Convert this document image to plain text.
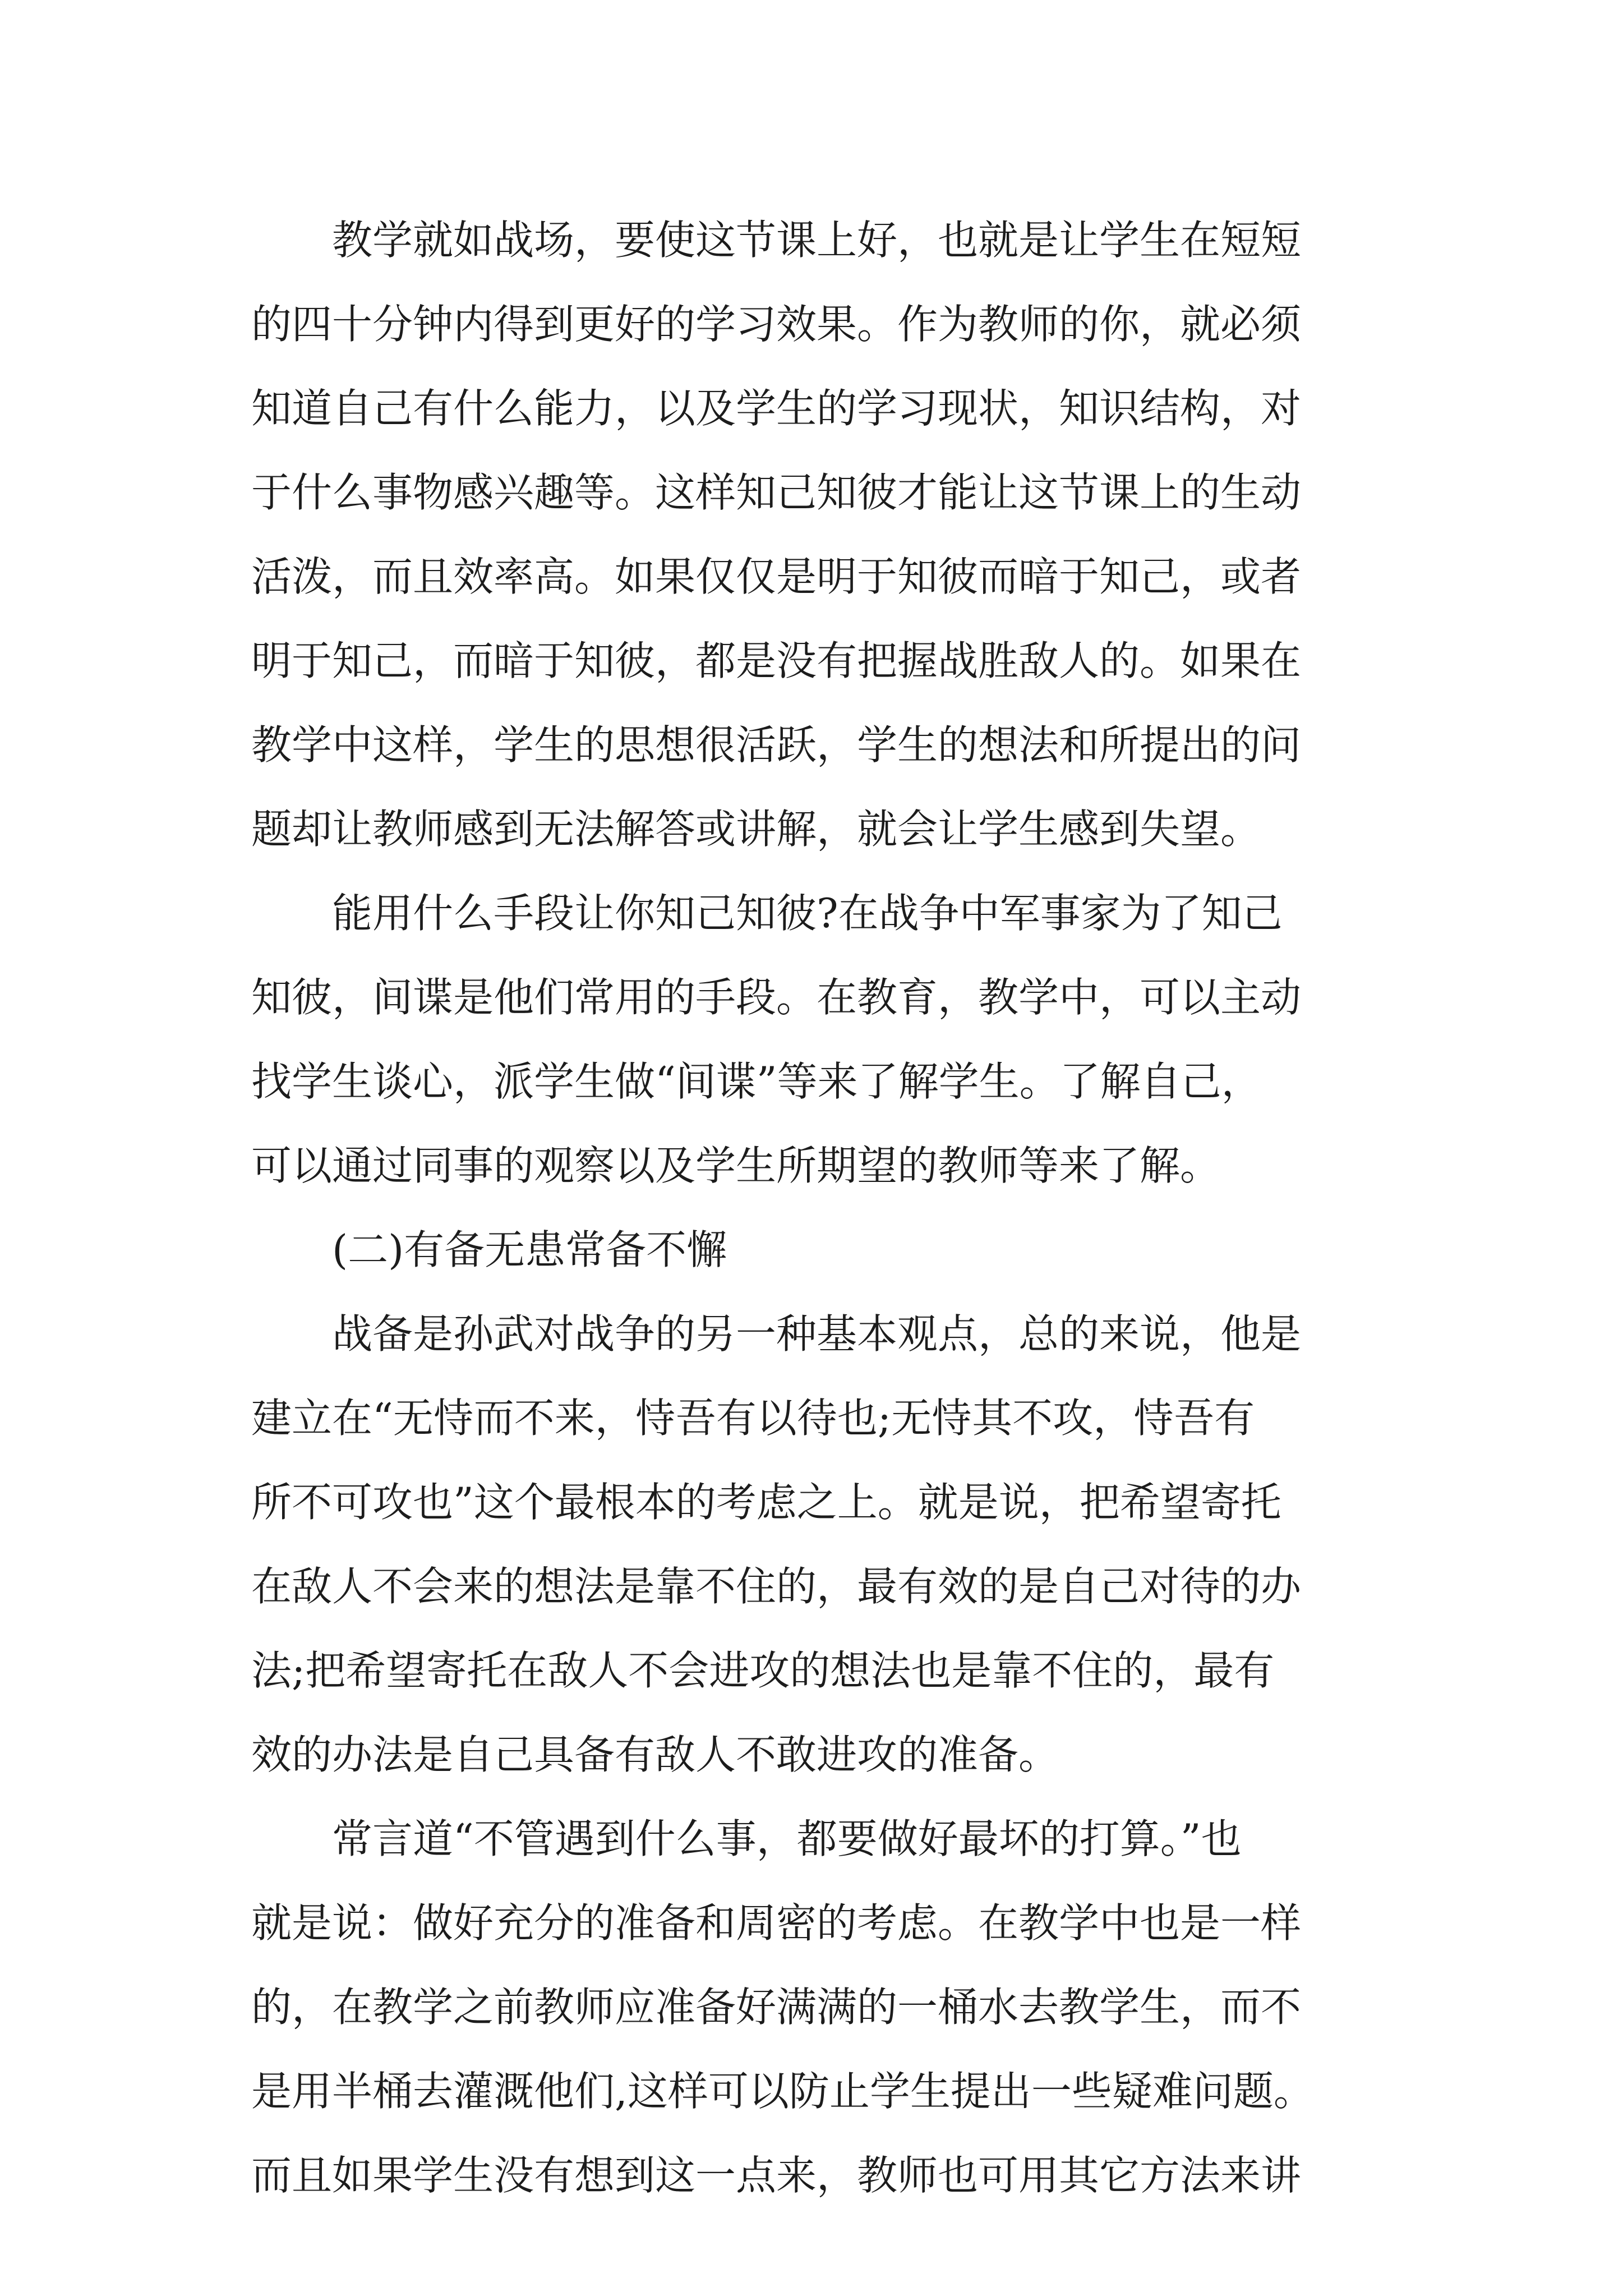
教学就如战场，要使这节课上好，也就是让学生在短短
的四十分钟内得到更好的学习效果。作为教师的你，就必须
知道自己有什么能力，以及学生的学习现状，知识结构，对
于什么事物感兴趣等。这样知己知彼才能让这节课上的生动
活泼，而且效率高。如果仅仅是明于知彼而暗于知己，或者
明于知己，而暗于知彼，都是没有把握战胜敌人的。如果在
教学中这样，学生的思想很活跃，学生的想法和所提出的问
题却让教师感到无法解答或讲解，就会让学生感到失望。
能用什么手段让你知己知彼?在战争中军事家为了知己
知彼，间谍是他们常用的手段。在教育，教学中，可以主动
找学生谈心，派学生做“间谍”等来了解学生。了解自己，
可以通过同事的观察以及学生所期望的教师等来了解。
(二)有备无患常备不懈
战备是孙武对战争的另一种基本观点，总的来说，他是
建立在“无恃而不来，恃吾有以待也;无恃其不攻，恃吾有
所不可攻也”这个最根本的考虑之上。就是说，把希望寄托
在敌人不会来的想法是靠不住的，最有效的是自己对待的办
法;把希望寄托在敌人不会进攻的想法也是靠不住的，最有
效的办法是自己具备有敌人不敢进攻的准备。
常言道“不管遇到什么事，都要做好最坏的打算。”也
就是说：做好充分的准备和周密的考虑。在教学中也是一样
的，在教学之前教师应准备好满满的一桶水去教学生，而不
是用半桶去灌溉他们,这样可以防止学生提出一些疑难问题。
而且如果学生没有想到这一点来，教师也可用其它方法来讲
